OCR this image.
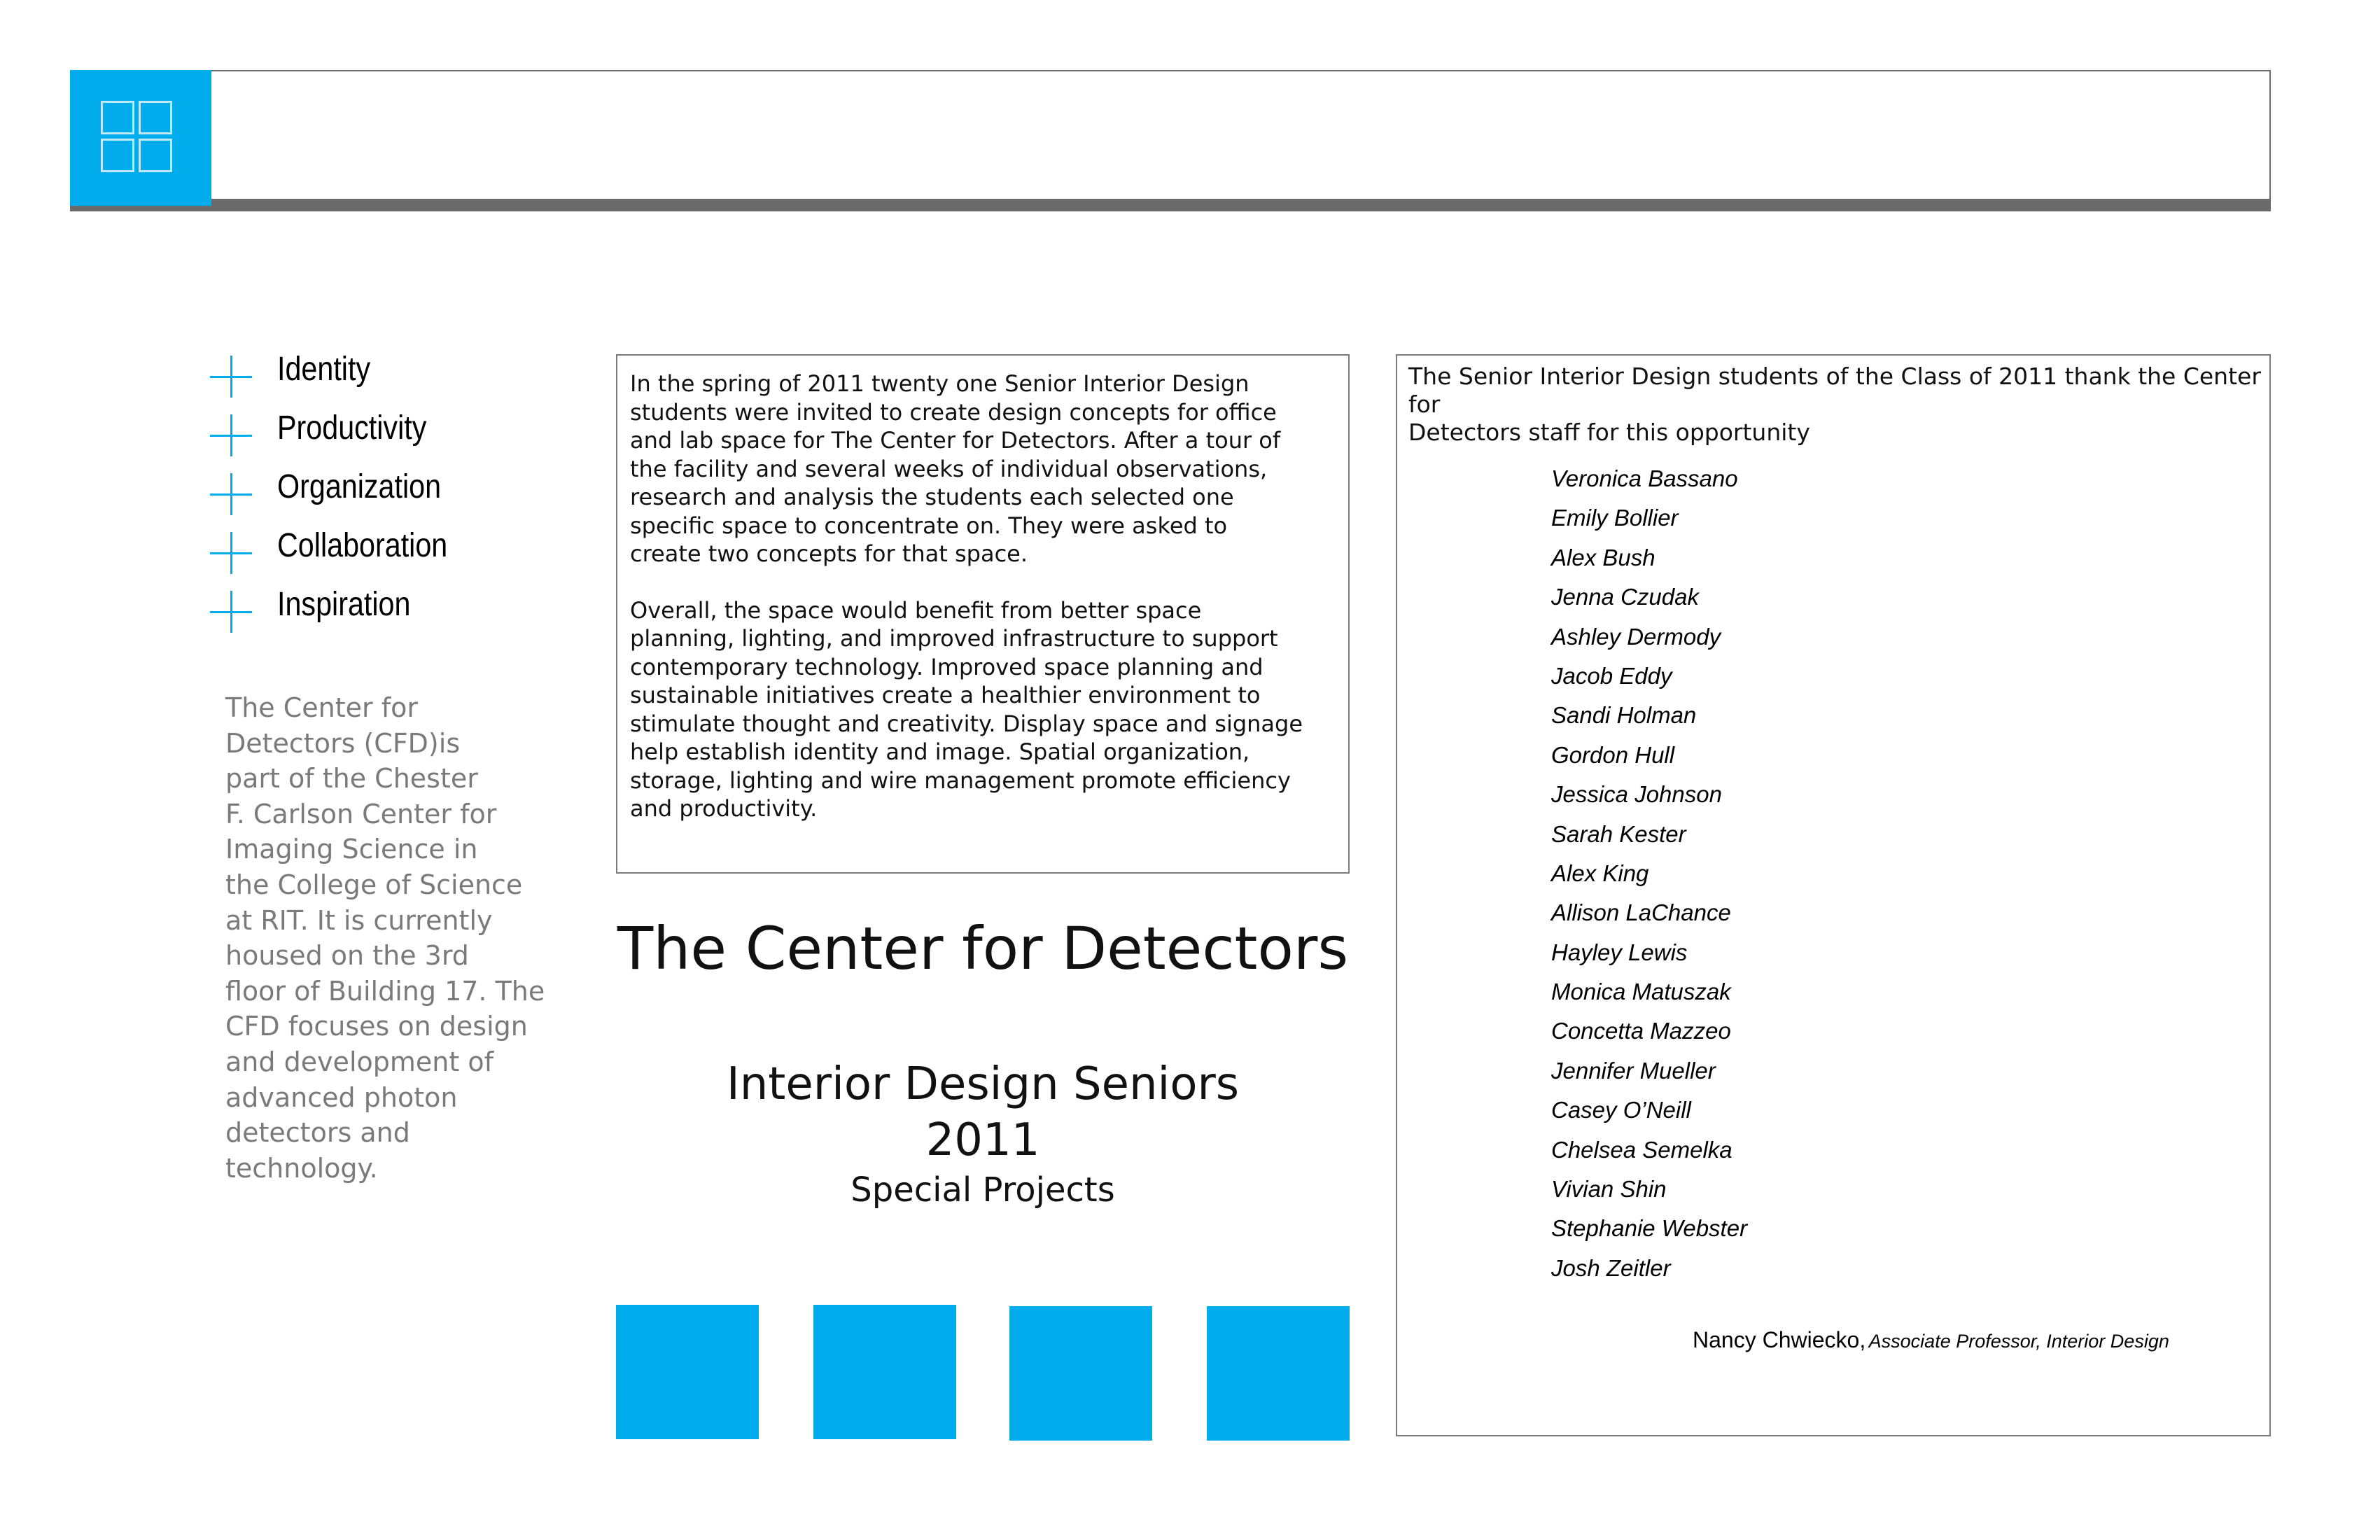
Identity
Productivity
Organization
Collaboration
Inspiration
The Center for
Detectors (CFD)is
part of the Chester
F. Carlson Center for
Imaging Science in
the College of Science
at RIT. It is currently
housed on the 3rd
floor of Building 17. The
CFD focuses on design
and development of
advanced photon
detectors and
technology.

In the spring of 2011 twenty one Senior Interior Design
students were invited to create design concepts for office
and lab space for The Center for Detectors. After a tour of
the facility and several weeks of individual observations,
research and analysis the students each selected one
specific space to concentrate on. They were asked to
create two concepts for that space.

Overall, the space would benefit from better space
planning, lighting, and improved infrastructure to support
contemporary technology. Improved space planning and
sustainable initiatives create a healthier environment to
stimulate thought and creativity. Display space and signage
help establish identity and image. Spatial organization,
storage, lighting and wire management promote efficiency
and productivity.

The Center for Detectors
Interior Design Seniors
2011
Special Projects
The Senior Interior Design students of the Class of 2011 thank the Center for
Detectors staff for this opportunity
Veronica Bassano
Emily Bollier
Alex Bush
Jenna Czudak
Ashley Dermody
Jacob Eddy
Sandi Holman
Gordon Hull
Jessica Johnson
Sarah Kester
Alex King
Allison LaChance
Hayley Lewis
Monica Matuszak
Concetta Mazzeo
Jennifer Mueller
Casey O’Neill
Chelsea Semelka
Vivian Shin
Stephanie Webster
Josh Zeitler
Nancy Chwiecko, Associate Professor, Interior Design
